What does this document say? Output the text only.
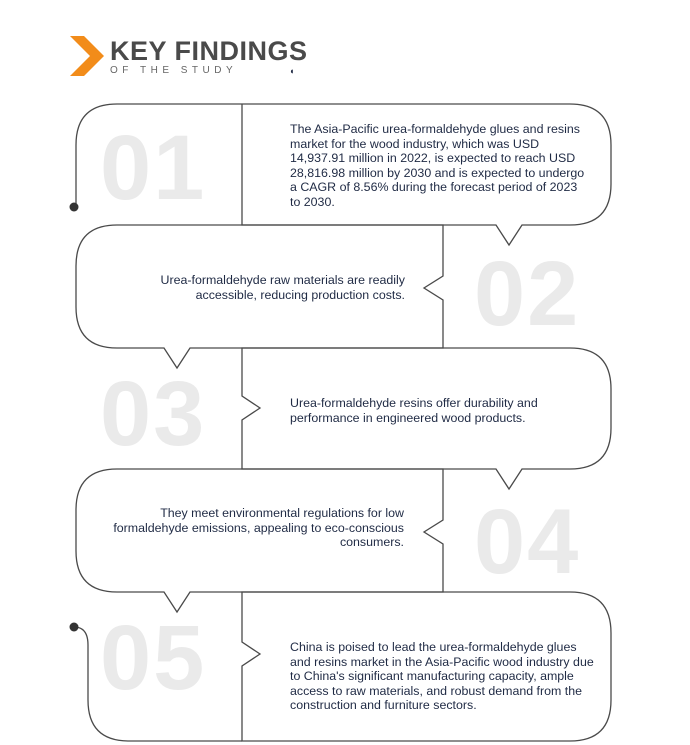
KEY FINDINGS
OF THE STUDY	◖
01	The Asia-Pacific urea-formaldehyde glues and resins market for the wood industry, which was USD 14,937.91 million in 2022, is expected to reach USD 28,816.98 million by 2030 and is expected to undergo a CAGR of 8.56% during the forecast period of 2023 to 2030.
02
Urea-formaldehyde raw materials are readily accessible, reducing production costs.
03	Urea-formaldehyde resins offer durability and performance in engineered wood products.
04
They meet environmental regulations for low formaldehyde emissions, appealing to eco-conscious consumers.
05	China is poised to lead the urea-formaldehyde glues and resins market in the Asia-Pacific wood industry due to China's significant manufacturing capacity, ample access to raw materials, and robust demand from the construction and furniture sectors.
